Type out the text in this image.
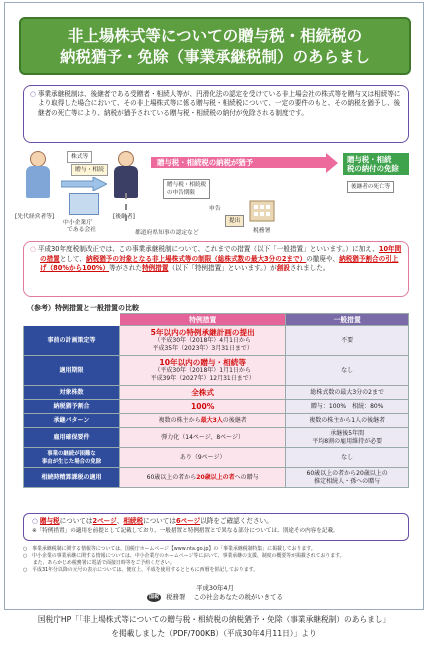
非上場株式等についての贈与税・相続税の
納税猶予・免除（事業承継税制）のあらまし
○ 事業承継税制は、後継者である受贈者・相続人等が、円滑化法の認定を受けている非上場会社の株式等を贈与又は相続等により取得した場合において、その非上場株式等に係る贈与税・相続税について、一定の要件のもと、その納税を猶予し、後継者の死亡等により、納税が猶予されている贈与税・相続税の納付が免除される制度です。
[先代経営者等]
株式等
贈与・相続
中小企業庁
である会社
[後継者]
都道府県知事の認定など
贈与税・相続税の納税が猶予	贈与税・相続
税の納付の免除
贈与税・相続税
の申告期限
申告
提出
税務署
後継者の死亡等
○ 平成30年度税制改正では、この事業承継税制について、これまでの措置（以下「一般措置」といいます。）に加え、10年間の措置として、納税猶予の対象となる非上場株式等の制限（総株式数の最大3分の2まで）の撤廃や、納税猶予割合の引上げ（80%から100%）等がされた特例措置（以下「特例措置」といいます。）が創設されました。
（参考）特例措置と一般措置の比較
	特例措置	一般措置
事前の計画策定等	5年以内の特例承継計画の提出
（平成30年（2018年）4月1日から
平成35年（2023年）3月31日まで）	不要
適用期限	10年以内の贈与・相続等
（平成30年（2018年）1月1日から
平成39年（2027年）12月31日まで）	なし
対象株数	全株式	総株式数の最大3分の2まで
納税猶予割合	100%	贈与：100%　相続：80%
承継パターン	複数の株主から最大3人の後継者	複数の株主から1人の後継者
雇用確保要件	弾力化（14ページ、8ページ）	承継後5年間
平均8割の雇用維持が必要

事業の継続が困難な
事由が生じた場合の免除	あり（9ページ）	なし
相続時精算課税の適用	60歳以上の者から20歳以上の者への贈与	60歳以上の者から20歳以上の
推定相続人・孫への贈与
○ 贈与税については2ページ、相続税については6ページ以降をご確認ください。
※「特例措置」の適用を前提として記載しており、一般措置と特例措置とで異なる部分については、別途その内容を記載。
○　事業承継税制に関する情報等については、国税庁ホームページ【www.nta.go.jp】の「事業承継税制特集」に掲載しております。
○　中小企業の事業承継に関する情報については、中小企業庁のホームページ等において、事業承継の支援、制度の概要等が掲載されております。
　　また、あらかじめ税務署に電話で面接日時等をご予約ください。
○　平成31年分以降の元号の表示については、便宜上、平成を使用するとともに西暦を併記しております。
平成30年4月
国税庁 税務署 この社会あなたの税がいきてる
国税庁HP「「非上場株式等についての贈与税・相続税の納税猶予・免除（事業承継税制）のあらまし」
を掲載しました（PDF/700KB）（平成30年4月11日）」より
